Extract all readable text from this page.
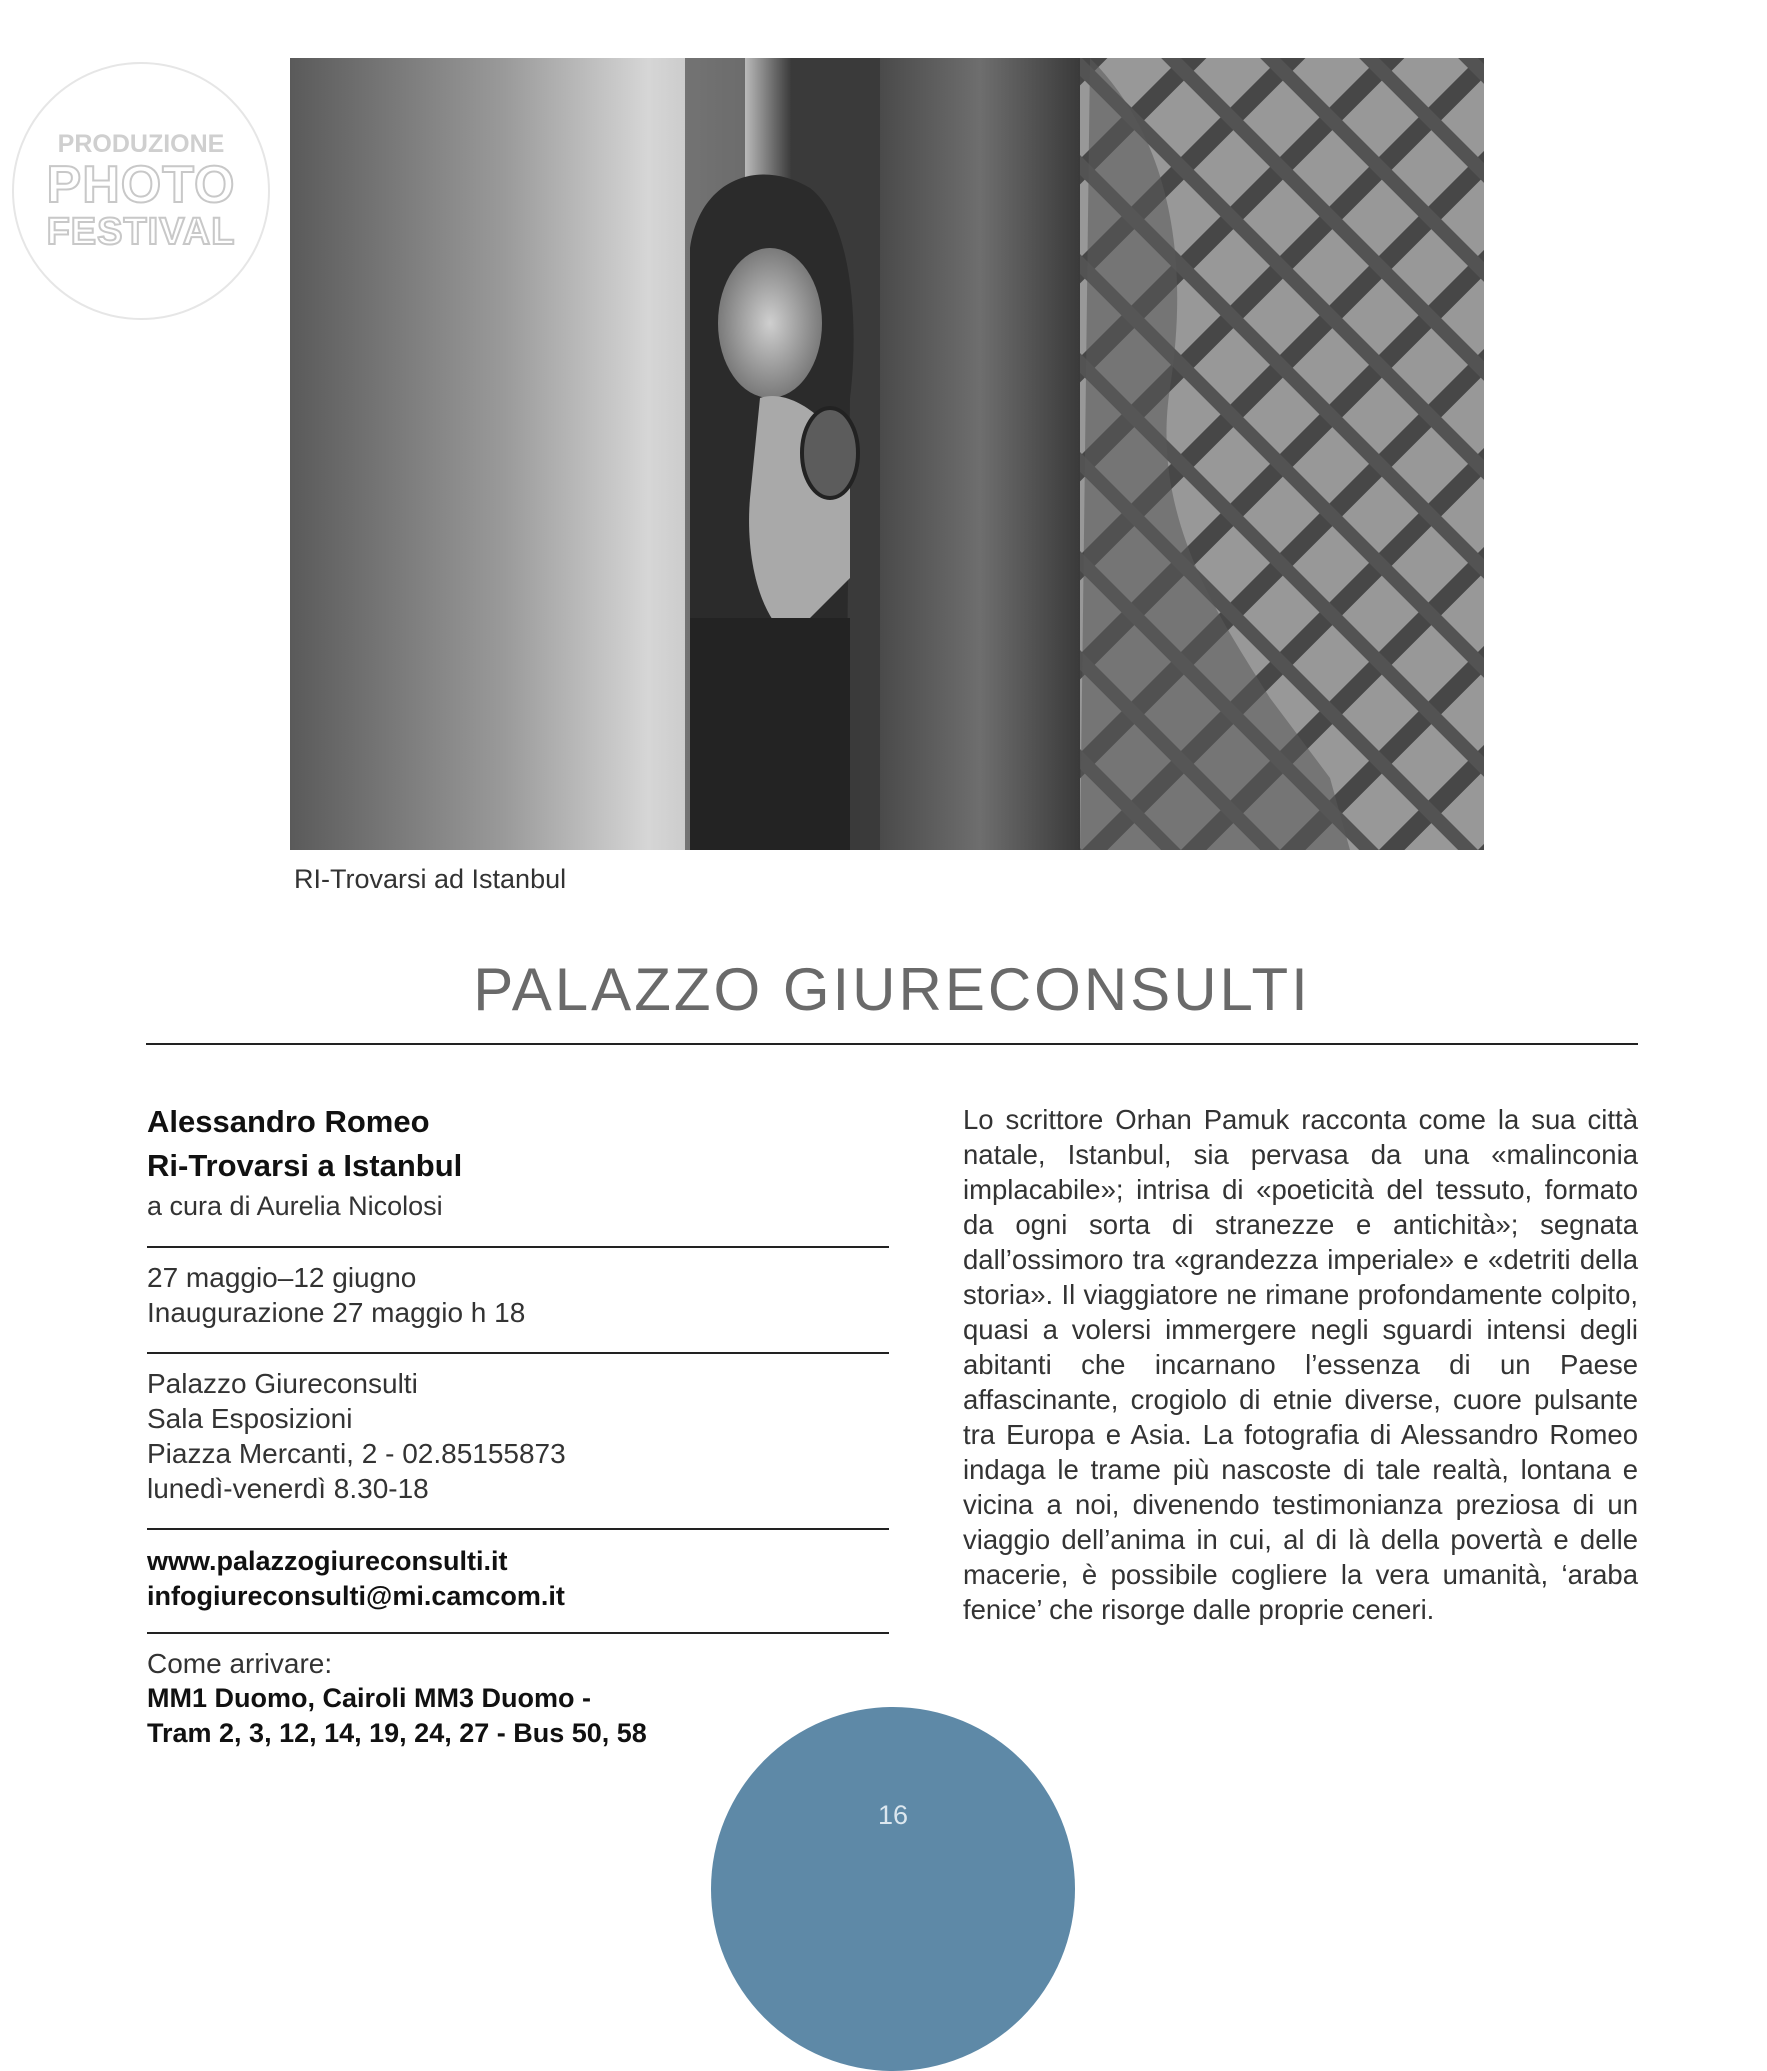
PRODUZIONE
PHOTO
FESTIVAL
RI-Trovarsi ad Istanbul
PALAZZO GIURECONSULTI
Alessandro Romeo
Ri-Trovarsi a Istanbul
a cura di Aurelia Nicolosi
27 maggio–12 giugno
Inaugurazione 27 maggio h 18
Palazzo Giureconsulti
Sala Esposizioni
Piazza Mercanti, 2 - 02.85155873
lunedì-venerdì 8.30-18
www.palazzogiureconsulti.it
infogiureconsulti@mi.camcom.it
Come arrivare:
MM1 Duomo, Cairoli MM3 Duomo -
Tram 2, 3, 12, 14, 19, 24, 27 - Bus 50, 58
Lo scrittore Orhan Pamuk racconta come la sua città natale, Istanbul, sia pervasa da una «malinconia implacabile»; intrisa di «poeticità del tessuto, formato da ogni sorta di stranezze e antichità»; segnata dall’ossimoro tra «grandezza imperiale» e «detriti della storia». Il viaggiatore ne rimane profondamente colpito, quasi a volersi immergere negli sguardi intensi degli abitanti che incarnano l’essenza di un Paese affascinante, crogiolo di etnie diverse, cuore pulsante tra Europa e Asia. La fotografia di Alessandro Romeo indaga le trame più nascoste di tale realtà, lontana e vicina a noi, divenendo testimonianza preziosa di un viaggio dell’anima in cui, al di là della povertà e delle macerie, è possibile cogliere la vera umanità, ‘araba fenice’ che risorge dalle proprie ceneri.
16
